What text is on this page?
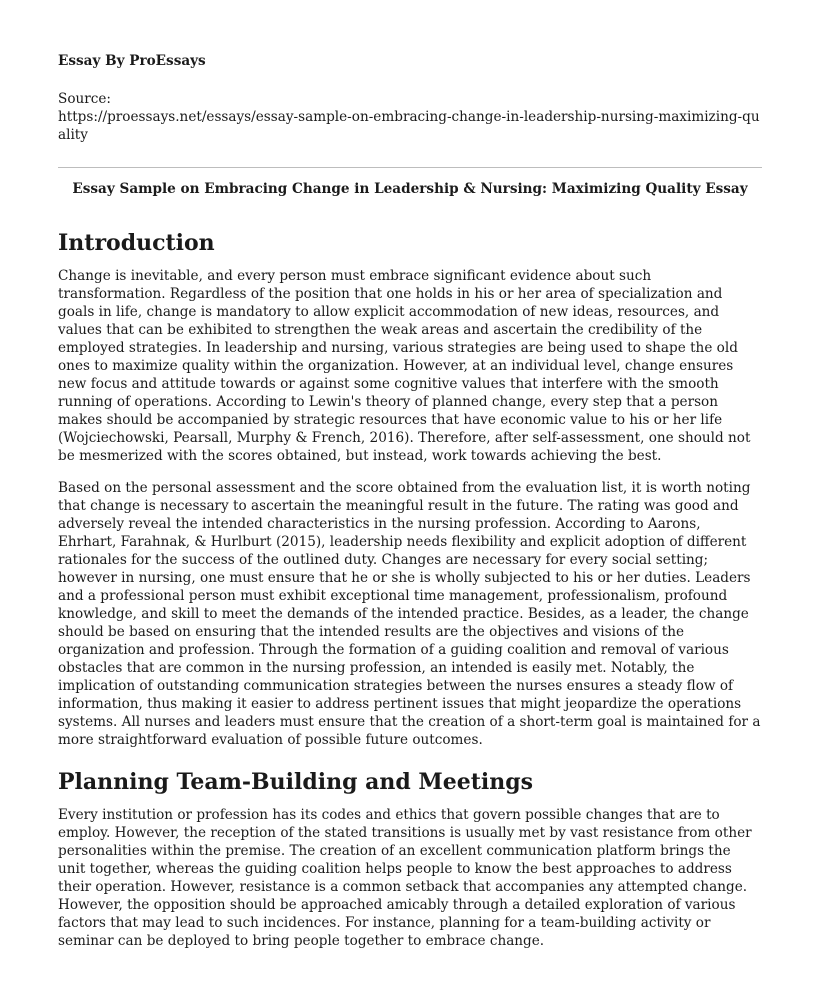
Essay By ProEssays
Source:
https://proessays.net/essays/essay-sample-on-embracing-change-in-leadership-nursing-maximizing-quality
Essay Sample on Embracing Change in Leadership & Nursing: Maximizing Quality Essay
Introduction

Change is inevitable, and every person must embrace significant evidence about such transformation. Regardless of the position that one holds in his or her area of specialization and goals in life, change is mandatory to allow explicit accommodation of new ideas, resources, and values that can be exhibited to strengthen the weak areas and ascertain the credibility of the employed strategies. In leadership and nursing, various strategies are being used to shape the old ones to maximize quality within the organization. However, at an individual level, change ensures new focus and attitude towards or against some cognitive values that interfere with the smooth running of operations. According to Lewin's theory of planned change, every step that a person makes should be accompanied by strategic resources that have economic value to his or her life (Wojciechowski, Pearsall, Murphy & French, 2016). Therefore, after self-assessment, one should not be mesmerized with the scores obtained, but instead, work towards achieving the best.

Based on the personal assessment and the score obtained from the evaluation list, it is worth noting that change is necessary to ascertain the meaningful result in the future. The rating was good and adversely reveal the intended characteristics in the nursing profession. According to Aarons, Ehrhart, Farahnak, & Hurlburt (2015), leadership needs flexibility and explicit adoption of different rationales for the success of the outlined duty. Changes are necessary for every social setting; however in nursing, one must ensure that he or she is wholly subjected to his or her duties. Leaders and a professional person must exhibit exceptional time management, professionalism, profound knowledge, and skill to meet the demands of the intended practice. Besides, as a leader, the change should be based on ensuring that the intended results are the objectives and visions of the organization and profession. Through the formation of a guiding coalition and removal of various obstacles that are common in the nursing profession, an intended is easily met. Notably, the implication of outstanding communication strategies between the nurses ensures a steady flow of information, thus making it easier to address pertinent issues that might jeopardize the operations systems. All nurses and leaders must ensure that the creation of a short-term goal is maintained for a more straightforward evaluation of possible future outcomes.

Planning Team-Building and Meetings

Every institution or profession has its codes and ethics that govern possible changes that are to employ. However, the reception of the stated transitions is usually met by vast resistance from other personalities within the premise. The creation of an excellent communication platform brings the unit together, whereas the guiding coalition helps people to know the best approaches to address their operation. However, resistance is a common setback that accompanies any attempted change. However, the opposition should be approached amicably through a detailed exploration of various factors that may lead to such incidences. For instance, planning for a team-building activity or seminar can be deployed to bring people together to embrace change.
